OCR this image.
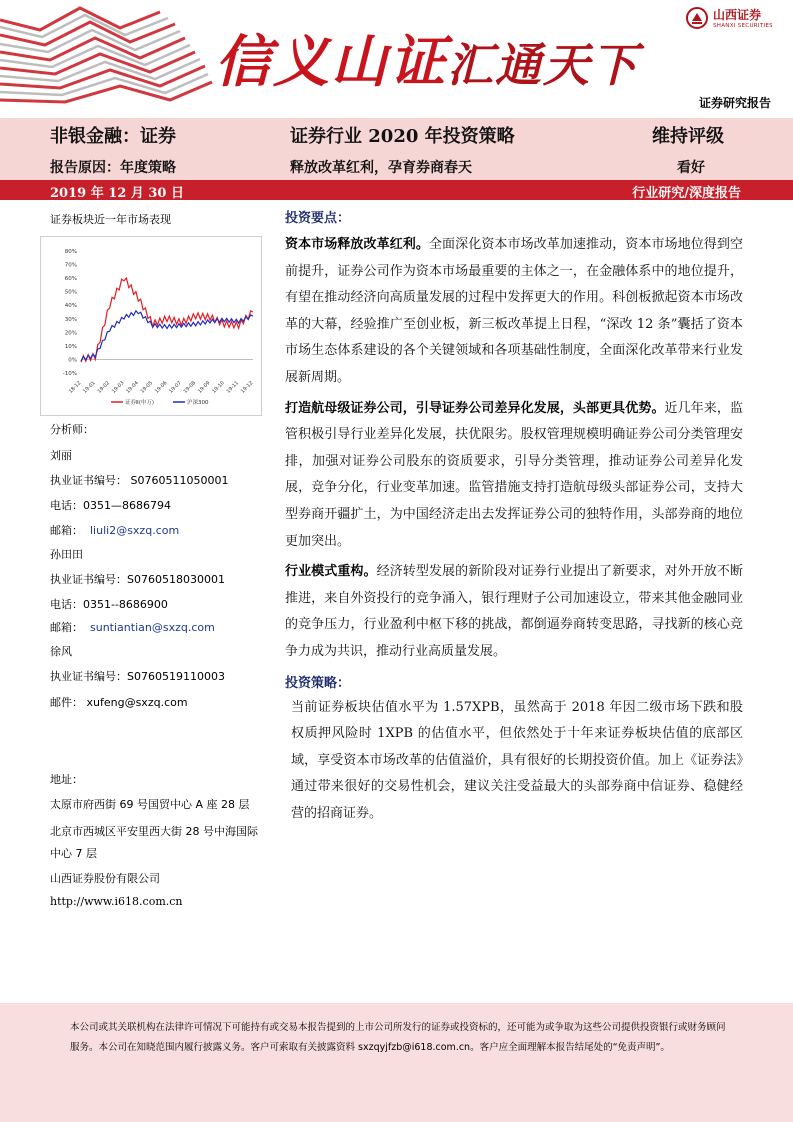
信义山证汇通天下
山西证券
SHANXI SECURITIES
证券研究报告
非银金融：证券	证券行业 2020 年投资策略	维持评级
报告原因：年度策略	释放改革红利，孕育券商春天	看好
2019 年 12 月 30 日	行业研究/深度报告
证券板块近一年市场表现
80%
70%
60%
50%
40%
30%
20%
10%
0%
-10%
18-12 19-01 19-02 19-03 19-04 19-05 19-06 19-07 19-08 19-09 19-10 19-11 19-12
证券Ⅱ(申万)	沪深300
分析师：
刘丽
执业证书编号： S0760511050001
电话：0351—8686794
邮箱： liuli2@sxzq.com
孙田田
执业证书编号：S0760518030001
电话：0351--8686900
邮箱： suntiantian@sxzq.com
徐风
执业证书编号：S0760519110003
邮件： xufeng@sxzq.com
地址：
太原市府西街 69 号国贸中心 A 座 28 层
北京市西城区平安里西大街 28 号中海国际中心 7 层
山西证券股份有限公司
http://www.i618.com.cn
投资要点：

资本市场释放改革红利。全面深化资本市场改革加速推动，资本市场地位得到空前提升，证券公司作为资本市场最重要的主体之一，在金融体系中的地位提升，有望在推动经济向高质量发展的过程中发挥更大的作用。科创板掀起资本市场改革的大幕，经验推广至创业板，新三板改革提上日程，“深改 12 条”囊括了资本市场生态体系建设的各个关键领域和各项基础性制度，全面深化改革带来行业发展新周期。

打造航母级证券公司，引导证券公司差异化发展，头部更具优势。近几年来，监管积极引导行业差异化发展，扶优限劣。股权管理规模明确证券公司分类管理安排，加强对证券公司股东的资质要求，引导分类管理，推动证券公司差异化发展，竞争分化，行业变革加速。监管措施支持打造航母级头部证券公司，支持大型券商开疆扩土，为中国经济走出去发挥证券公司的独特作用，头部券商的地位更加突出。

行业模式重构。经济转型发展的新阶段对证券行业提出了新要求，对外开放不断推进，来自外资投行的竞争涌入，银行理财子公司加速设立，带来其他金融同业的竞争压力，行业盈利中枢下移的挑战，都倒逼券商转变思路，寻找新的核心竞争力成为共识，推动行业高质量发展。

投资策略：

当前证券板块估值水平为 1.57XPB，虽然高于 2018 年因二级市场下跌和股权质押风险时 1XPB 的估值水平，但依然处于十年来证券板块估值的底部区域，享受资本市场改革的估值溢价，具有很好的长期投资价值。加上《证券法》通过带来很好的交易性机会，建议关注受益最大的头部券商中信证券、稳健经营的招商证券。

本公司或其关联机构在法律许可情况下可能持有或交易本报告提到的上市公司所发行的证券或投资标的，还可能为或争取为这些公司提供投资银行或财务顾问服务。本公司在知晓范围内履行披露义务。客户可索取有关披露资料 sxzqyjfzb@i618.com.cn。客户应全面理解本报告结尾处的“免责声明”。
